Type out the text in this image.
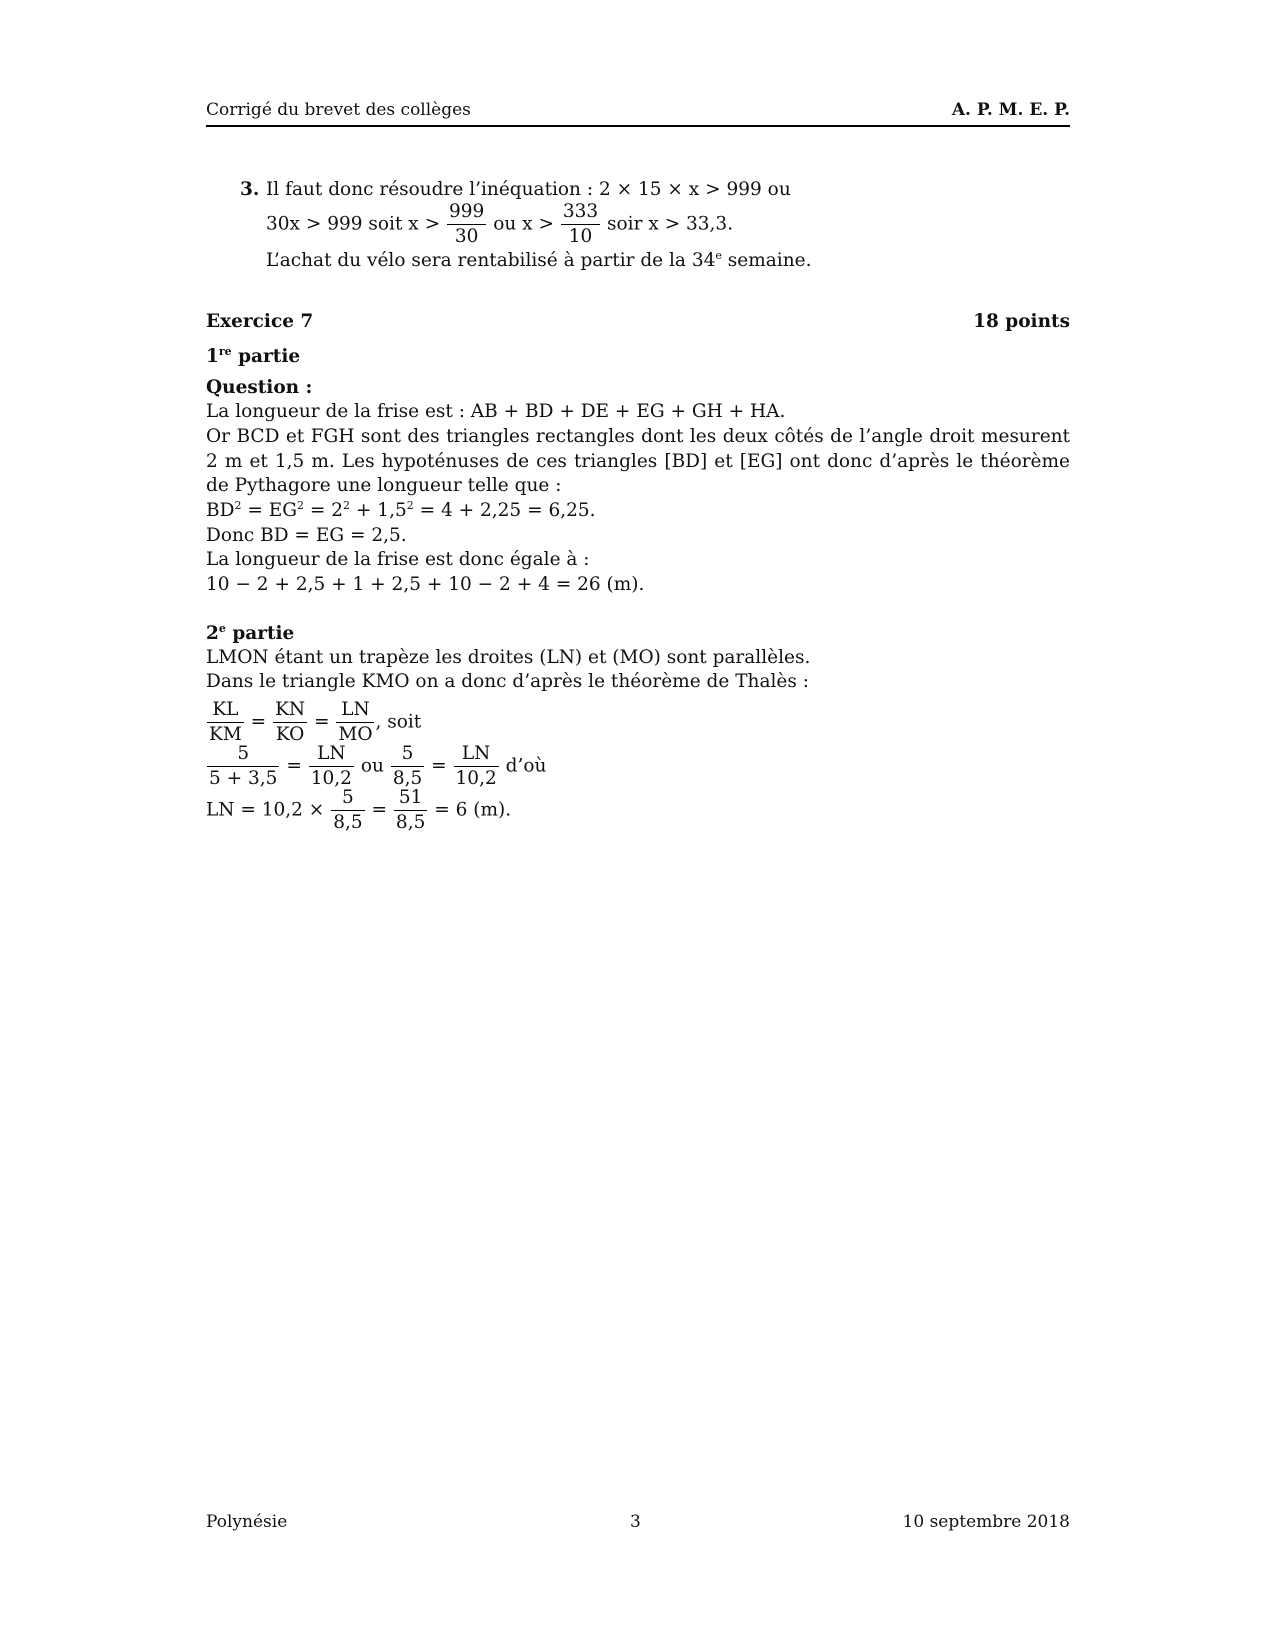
Corrigé du brevet des collèges	A. P. M. E. P.
3. Il faut donc résoudre l’inéquation : 2 × 15 × x > 999 ou
30x > 999 soit $x > \frac{999}{30}$ ou $x > \frac{333}{10}$ soir x > 33,3.
L’achat du vélo sera rentabilisé à partir de la 34e semaine.
Exercice 7	18 points
1re partie
Question :
La longueur de la frise est : AB + BD + DE + EG + GH + HA.
Or BCD et FGH sont des triangles rectangles dont les deux côtés de l’angle droit mesurent 2 m et 1,5 m. Les hypoténuses de ces triangles [BD] et [EG] ont donc d’après le théorème de Pythagore une longueur telle que :
$BD^2 = EG^2 = 2^2 + 1,5^2 = 4 + 2,25 = 6,25$.
Donc BD = EG = 2,5.
La longueur de la frise est donc égale à :
10 − 2 + 2,5 + 1 + 2,5 + 10 − 2 + 4 = 26 (m).
2e partie
LMON étant un trapèze les droites (LN) et (MO) sont parallèles.
Dans le triangle KMO on a donc d’après le théorème de Thalès :
$\frac{KL}{KM} = \frac{KN}{KO} = \frac{LN}{MO}$ , soit
$\frac{5}{5 + 3,5} = \frac{LN}{10,2}$ ou $\frac{5}{8,5} = \frac{LN}{10,2}$ d’où
LN = $10,2 \times \frac{5}{8,5} = \frac{51}{8,5} = 6$ (m).
Polynésie	3	10 septembre 2018
